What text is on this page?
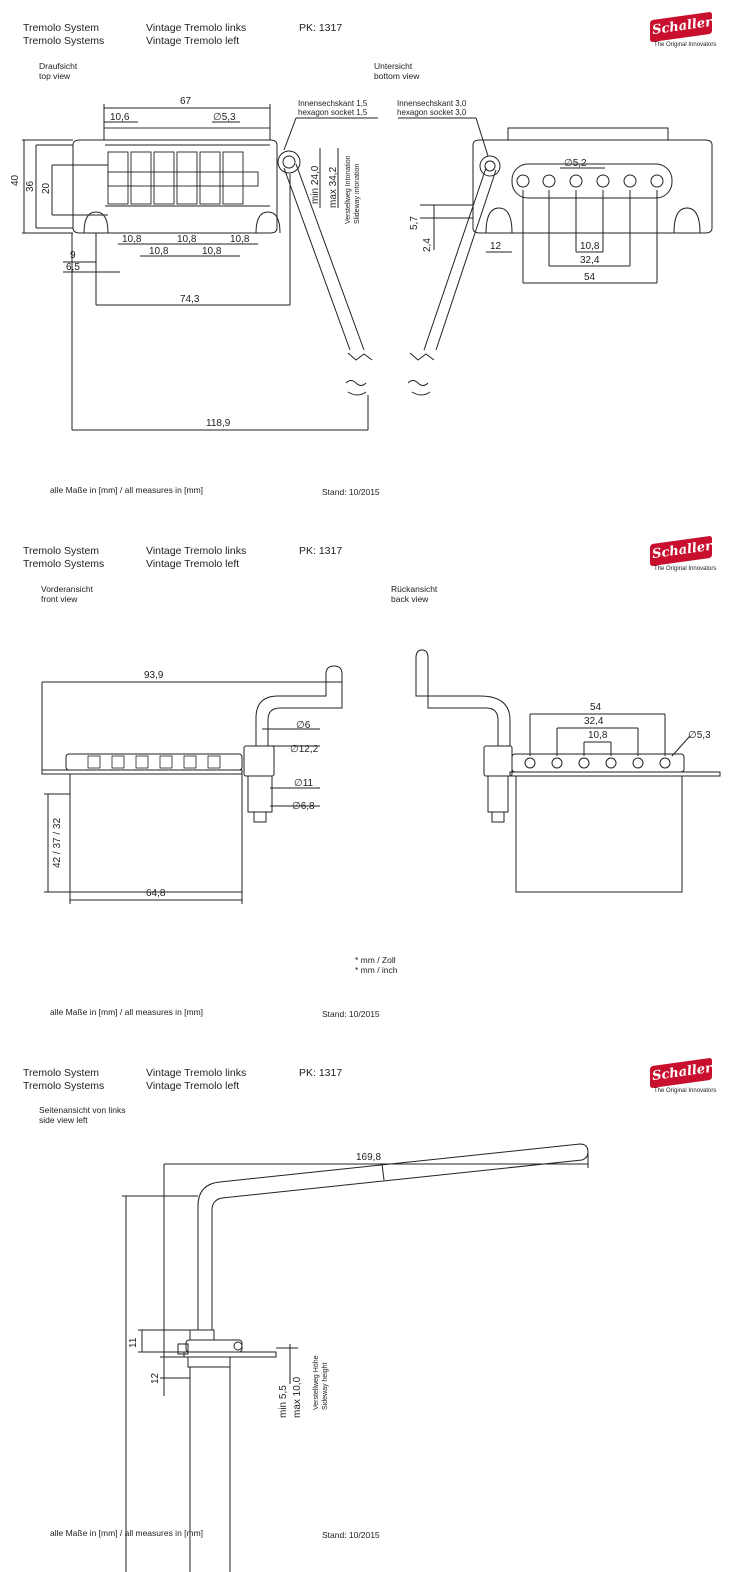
Tremolo System
Tremolo Systems
Vintage Tremolo links
Vintage Tremolo left
PK: 1317	Schaller
The Original Innovators
Draufsicht
top view
Untersicht
bottom view
67
10,6	∅5,3
Innensechskant 1,5
hexagon socket 1,5
40
36 20	min 24,0 max 34,2 Verstellweg Intonation Slideway intonation
10,8	10,8	10,8
10,8	10,8
9
6,5
74,3
118,9
Innensechskant 3,0
hexagon socket 3,0
∅5,2
5,7
2,4	12	10,8
32,4
54
alle Maße in [mm] / all measures in [mm]	Stand: 10/2015
Tremolo System
Tremolo Systems
Vintage Tremolo links
Vintage Tremolo left
PK: 1317	Schaller
The Original Innovators
Vorderansicht
front view
Rückansicht
back view
93,9
∅6
∅12,2
∅11
∅6,8
42 / 37 / 32
64,8
54
32,4
10,8	∅5,3
* mm / Zoll
* mm / inch
alle Maße in [mm] / all measures in [mm]	Stand: 10/2015
Tremolo System
Tremolo Systems
Vintage Tremolo links
Vintage Tremolo left
PK: 1317	Schaller
The Original Innovators
Seitenansicht von links
side view left
169,8
11
12
min 5,5 max 10,0 Verstellweg Höhe Sideway height
alle Maße in [mm] / all measures in [mm]	Stand: 10/2015
